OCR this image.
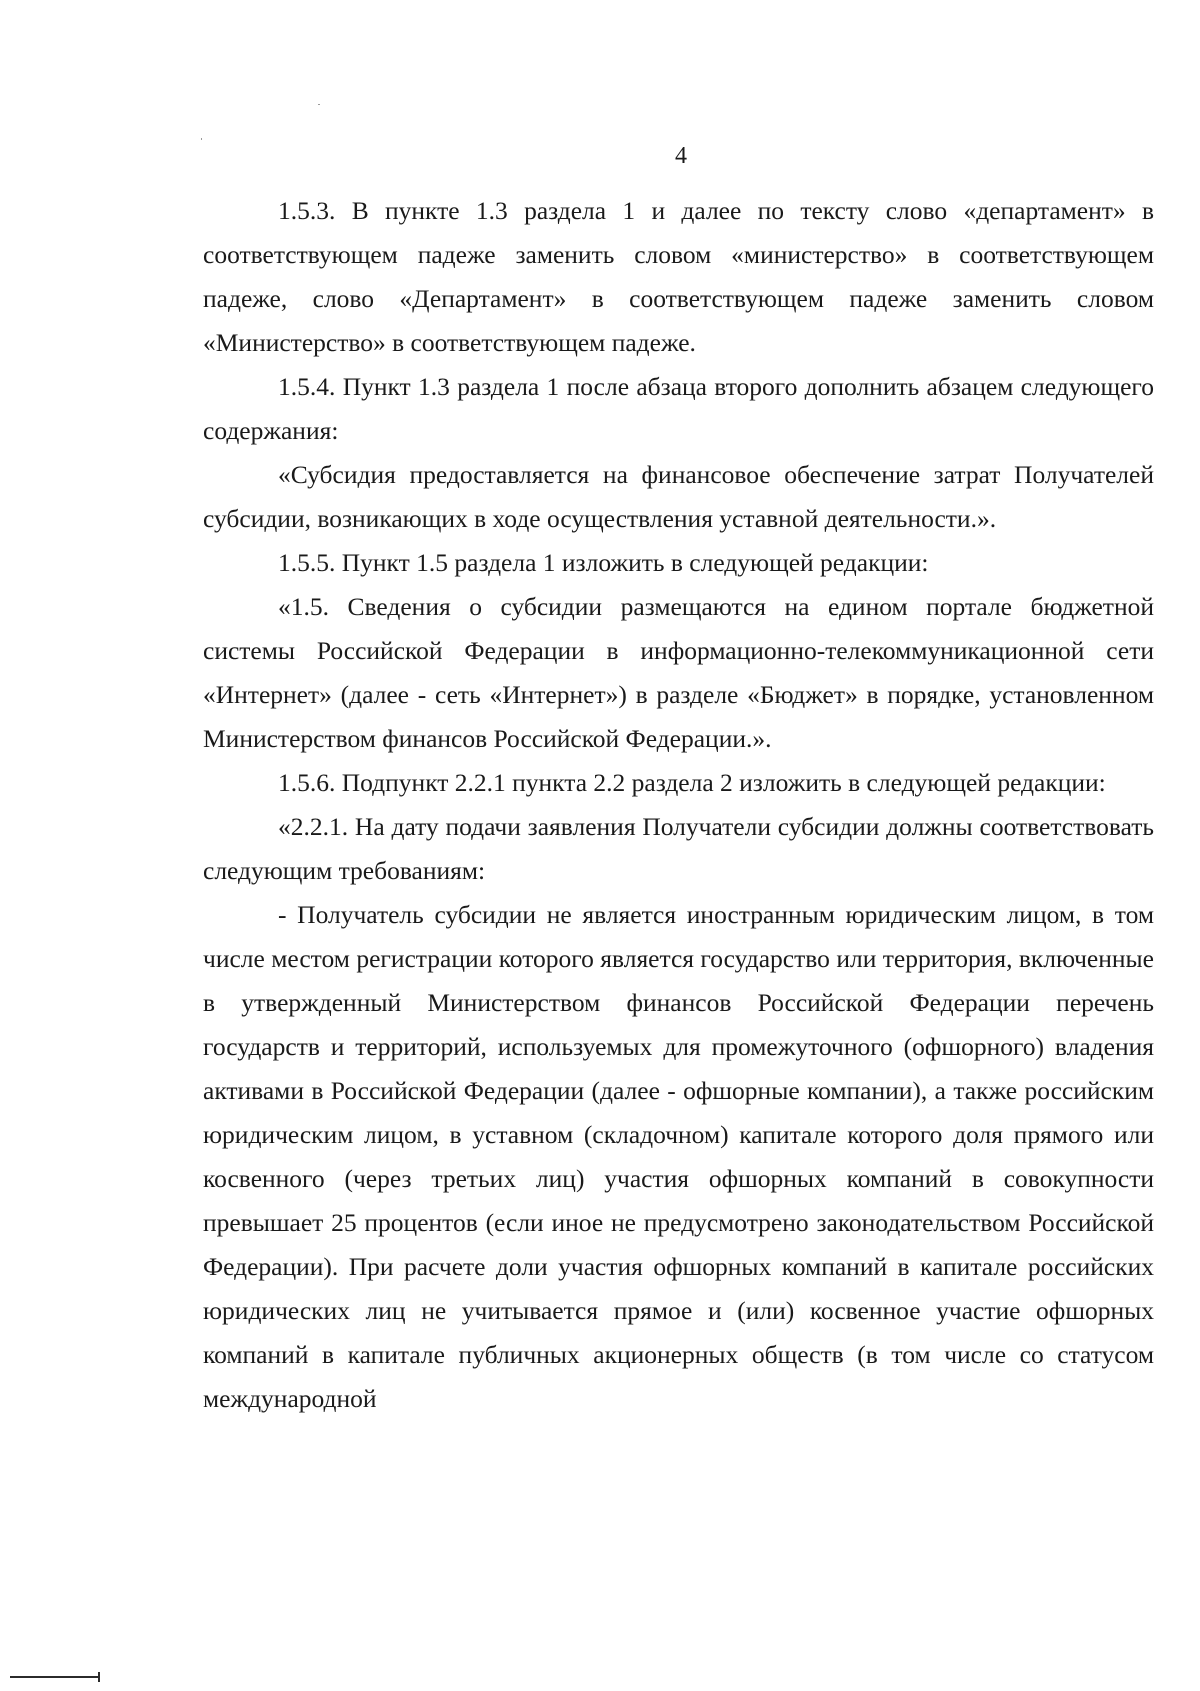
4

1.5.3. В пункте 1.3 раздела 1 и далее по тексту слово «департамент» в соответствующем падеже заменить словом «министерство» в соответствующем падеже, слово «Департамент» в соответствующем падеже заменить словом «Министерство» в соответствующем падеже.

1.5.4. Пункт 1.3 раздела 1 после абзаца второго дополнить абзацем следующего содержания:

«Субсидия предоставляется на финансовое обеспечение затрат Получателей субсидии, возникающих в ходе осуществления уставной деятельности.».

1.5.5. Пункт 1.5 раздела 1 изложить в следующей редакции:

«1.5. Сведения о субсидии размещаются на едином портале бюджетной системы Российской Федерации в информационно-телекоммуникационной сети «Интернет» (далее - сеть «Интернет») в разделе «Бюджет» в порядке, установленном Министерством финансов Российской Федерации.».

1.5.6. Подпункт 2.2.1 пункта 2.2 раздела 2 изложить в следующей редакции:

«2.2.1. На дату подачи заявления Получатели субсидии должны соответствовать следующим требованиям:

- Получатель субсидии не является иностранным юридическим лицом, в том числе местом регистрации которого является государство или территория, включенные в утвержденный Министерством финансов Российской Федерации перечень государств и территорий, используемых для промежуточного (офшорного) владения активами в Российской Федерации (далее - офшорные компании), а также российским юридическим лицом, в уставном (складочном) капитале которого доля прямого или косвенного (через третьих лиц) участия офшорных компаний в совокупности превышает 25 процентов (если иное не предусмотрено законодательством Российской Федерации). При расчете доли участия офшорных компаний в капитале российских юридических лиц не учитывается прямое и (или) косвенное участие офшорных компаний в капитале публичных акционерных обществ (в том числе со статусом международной
